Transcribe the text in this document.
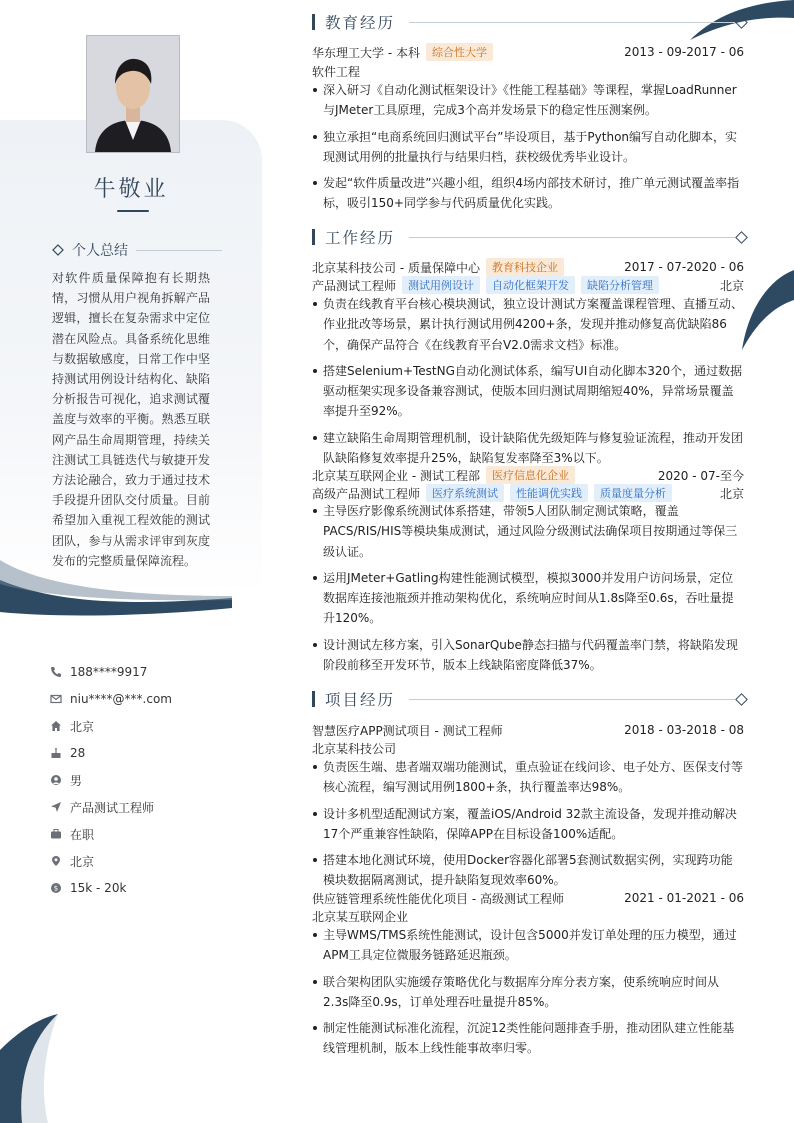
牛敬业
个人总结
对软件质量保障抱有长期热情，习惯从用户视角拆解产品逻辑，擅长在复杂需求中定位潜在风险点。具备系统化思维与数据敏感度，日常工作中坚持测试用例设计结构化、缺陷分析报告可视化，追求测试覆盖度与效率的平衡。熟悉互联网产品生命周期管理，持续关注测试工具链迭代与敏捷开发方法论融合，致力于通过技术手段提升团队交付质量。目前希望加入重视工程效能的测试团队，参与从需求评审到灰度发布的完整质量保障流程。
188****9917
niu****@***.com
北京
28
男
产品测试工程师
在职
北京
$ 15k - 20k
教育经历
华东理工大学 - 本科	综合性大学	2013 - 09-2017 - 06
软件工程
深入研习《自动化测试框架设计》《性能工程基础》等课程，掌握LoadRunner与JMeter工具原理，完成3个高并发场景下的稳定性压测案例。
独立承担“电商系统回归测试平台”毕设项目，基于Python编写自动化脚本，实现测试用例的批量执行与结果归档，获校级优秀毕业设计。
发起“软件质量改进”兴趣小组，组织4场内部技术研讨，推广单元测试覆盖率指标，吸引150+同学参与代码质量优化实践。
工作经历
北京某科技公司 - 质量保障中心	教育科技企业	2017 - 07-2020 - 06
产品测试工程师	测试用例设计	自动化框架开发	缺陷分析管理	北京
负责在线教育平台核心模块测试，独立设计测试方案覆盖课程管理、直播互动、作业批改等场景，累计执行测试用例4200+条，发现并推动修复高优缺陷86个，确保产品符合《在线教育平台V2.0需求文档》标准。
搭建Selenium+TestNG自动化测试体系，编写UI自动化脚本320个，通过数据驱动框架实现多设备兼容测试，使版本回归测试周期缩短40%，异常场景覆盖率提升至92%。
建立缺陷生命周期管理机制，设计缺陷优先级矩阵与修复验证流程，推动开发团队缺陷修复效率提升25%，缺陷复发率降至3%以下。
北京某互联网企业 - 测试工程部	医疗信息化企业	2020 - 07-至今
高级产品测试工程师	医疗系统测试	性能调优实践	质量度量分析	北京
主导医疗影像系统测试体系搭建，带领5人团队制定测试策略，覆盖PACS/RIS/HIS等模块集成测试，通过风险分级测试法确保项目按期通过等保三级认证。
运用JMeter+Gatling构建性能测试模型，模拟3000并发用户访问场景，定位数据库连接池瓶颈并推动架构优化，系统响应时间从1.8s降至0.6s，吞吐量提升120%。
设计测试左移方案，引入SonarQube静态扫描与代码覆盖率门禁，将缺陷发现阶段前移至开发环节，版本上线缺陷密度降低37%。
项目经历
智慧医疗APP测试项目 - 测试工程师	2018 - 03-2018 - 08
北京某科技公司
负责医生端、患者端双端功能测试，重点验证在线问诊、电子处方、医保支付等核心流程，编写测试用例1800+条，执行覆盖率达98%。
设计多机型适配测试方案，覆盖iOS/Android 32款主流设备，发现并推动解决17个严重兼容性缺陷，保障APP在目标设备100%适配。
搭建本地化测试环境，使用Docker容器化部署5套测试数据实例，实现跨功能模块数据隔离测试，提升缺陷复现效率60%。
供应链管理系统性能优化项目 - 高级测试工程师	2021 - 01-2021 - 06
北京某互联网企业
主导WMS/TMS系统性能测试，设计包含5000并发订单处理的压力模型，通过APM工具定位微服务链路延迟瓶颈。
联合架构团队实施缓存策略优化与数据库分库分表方案，使系统响应时间从2.3s降至0.9s，订单处理吞吐量提升85%。
制定性能测试标准化流程，沉淀12类性能问题排查手册，推动团队建立性能基线管理机制，版本上线性能事故率归零。
